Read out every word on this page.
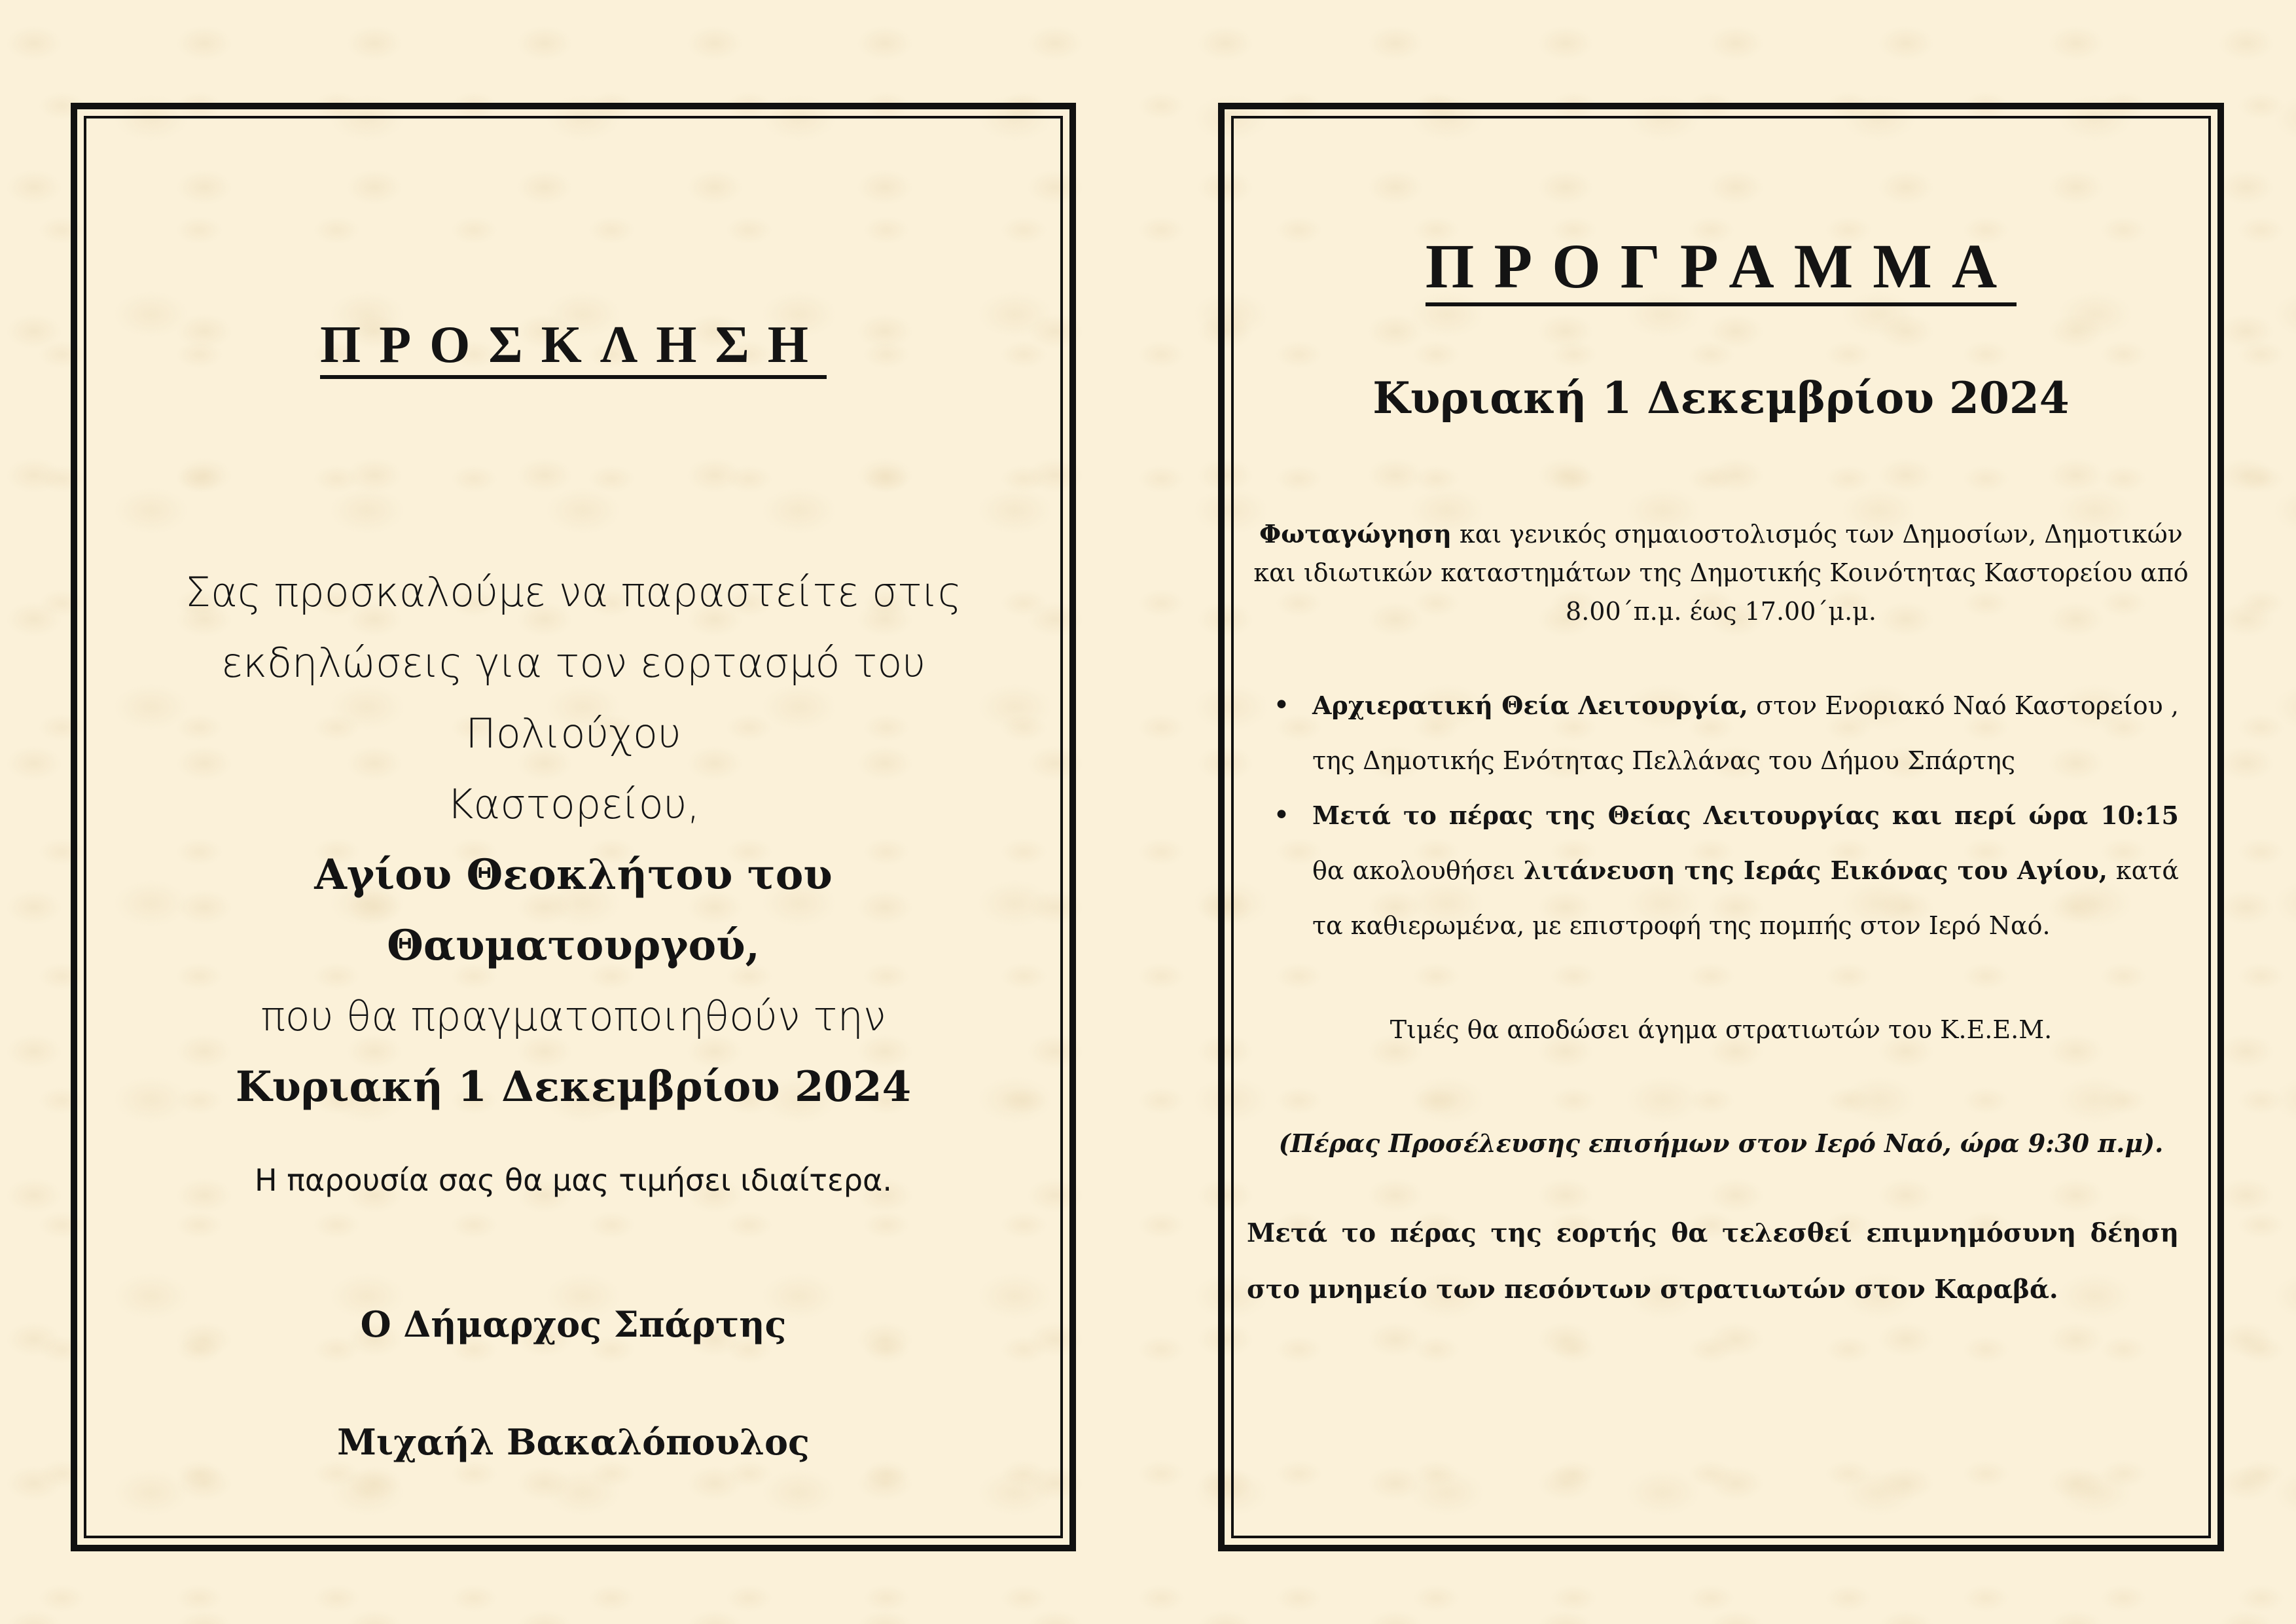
ΠΡΟΣΚΛΗΣΗ
Σας προσκαλούμε να παραστείτε στις
εκδηλώσεις για τον εορτασμό του Πολιούχου
Καστορείου,
Αγίου Θεοκλήτου του Θαυματουργού,
που θα πραγματοποιηθούν την
Κυριακή 1 Δεκεμβρίου 2024
Η παρουσία σας θα μας τιμήσει ιδιαίτερα.
Ο Δήμαρχος Σπάρτης
Μιχαήλ Βακαλόπουλος
ΠΡΟΓΡΑΜΜΑ
Κυριακή 1 Δεκεμβρίου 2024
Φωταγώγηση και γενικός σημαιοστολισμός των Δημοσίων, Δημοτικών και ιδιωτικών καταστημάτων της Δημοτικής Κοινότητας Καστορείου από 8.00΄π.μ. έως 17.00΄μ.μ.
• Αρχιερατική Θεία Λειτουργία, στον Ενοριακό Ναό Καστορείου , της Δημοτικής Ενότητας Πελλάνας του Δήμου Σπάρτης
• Μετά το πέρας της Θείας Λειτουργίας και περί ώρα 10:15 θα ακολουθήσει λιτάνευση της Ιεράς Εικόνας του Αγίου, κατά τα καθιερωμένα, με επιστροφή της πομπής στον Ιερό Ναό.
Τιμές θα αποδώσει άγημα στρατιωτών του Κ.Ε.Ε.Μ.
(Πέρας Προσέλευσης επισήμων στον Ιερό Ναό, ώρα 9:30 π.μ).
Μετά το πέρας της εορτής θα τελεσθεί επιμνημόσυνη δέηση στο μνημείο των πεσόντων στρατιωτών στον Καραβά.
